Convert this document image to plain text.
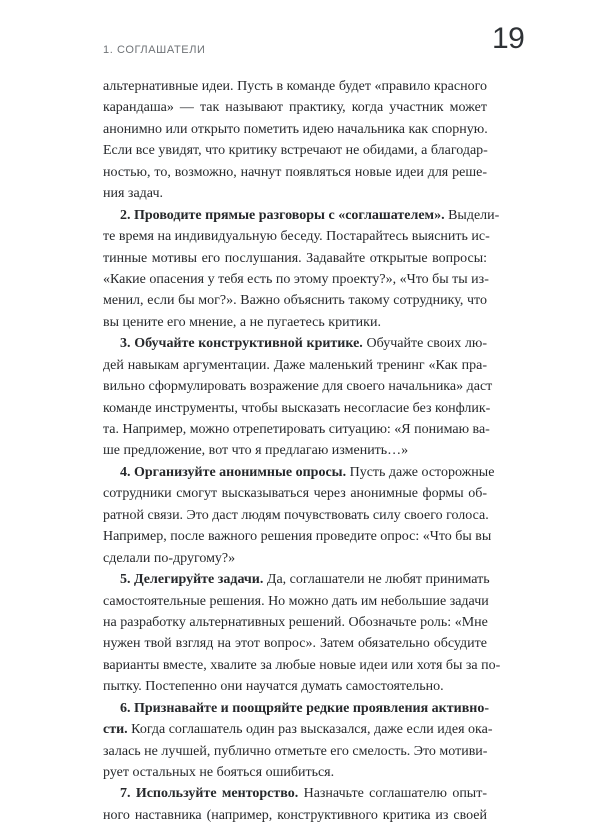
1. СОГЛАШАТЕЛИ	19
альтернативные идеи. Пусть в команде будет «правило красного
карандаша» — так называют практику, когда участник может
анонимно или открыто пометить идею начальника как спорную.
Если все увидят, что критику встречают не обидами, а благодар-
ностью, то, возможно, начнут появляться новые идеи для реше-
ния задач.
2. Проводите прямые разговоры с «соглашателем». Выдели-
те время на индивидуальную беседу. Постарайтесь выяснить ис-
тинные мотивы его послушания. Задавайте открытые вопросы:
«Какие опасения у тебя есть по этому проекту?», «Что бы ты из-
менил, если бы мог?». Важно объяснить такому сотруднику, что
вы цените его мнение, а не пугаетесь критики.
3. Обучайте конструктивной критике. Обучайте своих лю-
дей навыкам аргументации. Даже маленький тренинг «Как пра-
вильно сформулировать возражение для своего начальника» даст
команде инструменты, чтобы высказать несогласие без конфлик-
та. Например, можно отрепетировать ситуацию: «Я понимаю ва-
ше предложение, вот что я предлагаю изменить…»
4. Организуйте анонимные опросы. Пусть даже осторожные
сотрудники смогут высказываться через анонимные формы об-
ратной связи. Это даст людям почувствовать силу своего голоса.
Например, после важного решения проведите опрос: «Что бы вы
сделали по-другому?»
5. Делегируйте задачи. Да, соглашатели не любят принимать
самостоятельные решения. Но можно дать им небольшие задачи
на разработку альтернативных решений. Обозначьте роль: «Мне
нужен твой взгляд на этот вопрос». Затем обязательно обсудите
варианты вместе, хвалите за любые новые идеи или хотя бы за по-
пытку. Постепенно они научатся думать самостоятельно.
6. Признавайте и поощряйте редкие проявления активно-
сти. Когда соглашатель один раз высказался, даже если идея ока-
залась не лучшей, публично отметьте его смелость. Это мотиви-
рует остальных не бояться ошибиться.
7. Используйте менторство. Назначьте соглашателю опыт-
ного наставника (например, конструктивного критика из своей
